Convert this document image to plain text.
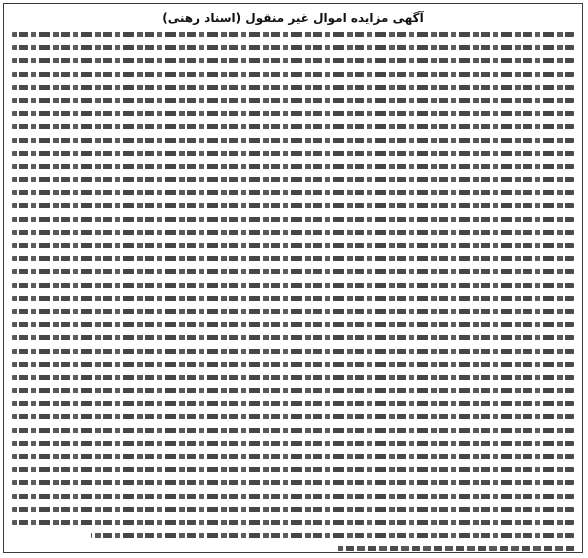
آگهی مزایده اموال غیر منقول (اسناد رهنی)
